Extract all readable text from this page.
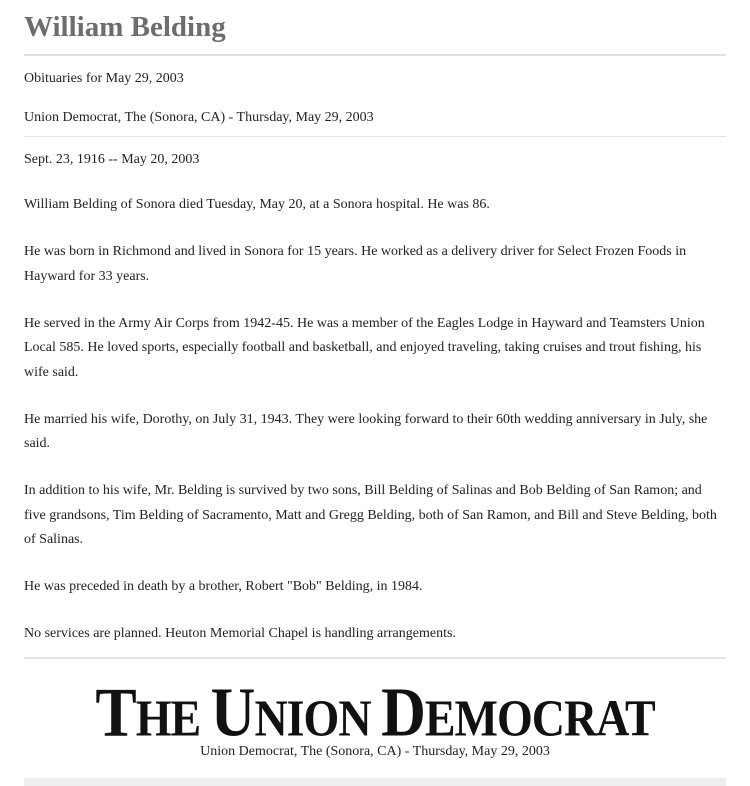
William Belding

Obituaries for May 29, 2003

Union Democrat, The (Sonora, CA) - Thursday, May 29, 2003

Sept. 23, 1916 -- May 20, 2003

William Belding of Sonora died Tuesday, May 20, at a Sonora hospital. He was 86.

He was born in Richmond and lived in Sonora for 15 years. He worked as a delivery driver for Select Frozen Foods in Hayward for 33 years.

He served in the Army Air Corps from 1942-45. He was a member of the Eagles Lodge in Hayward and Teamsters Union Local 585. He loved sports, especially football and basketball, and enjoyed traveling, taking cruises and trout fishing, his wife said.

He married his wife, Dorothy, on July 31, 1943. They were looking forward to their 60th wedding anniversary in July, she said.

In addition to his wife, Mr. Belding is survived by two sons, Bill Belding of Salinas and Bob Belding of San Ramon; and five grandsons, Tim Belding of Sacramento, Matt and Gregg Belding, both of San Ramon, and Bill and Steve Belding, both of Salinas.

He was preceded in death by a brother, Robert "Bob" Belding, in 1984.

No services are planned. Heuton Memorial Chapel is handling arrangements.

THE UNION DEMOCRAT
Union Democrat, The (Sonora, CA) - Thursday, May 29, 2003
